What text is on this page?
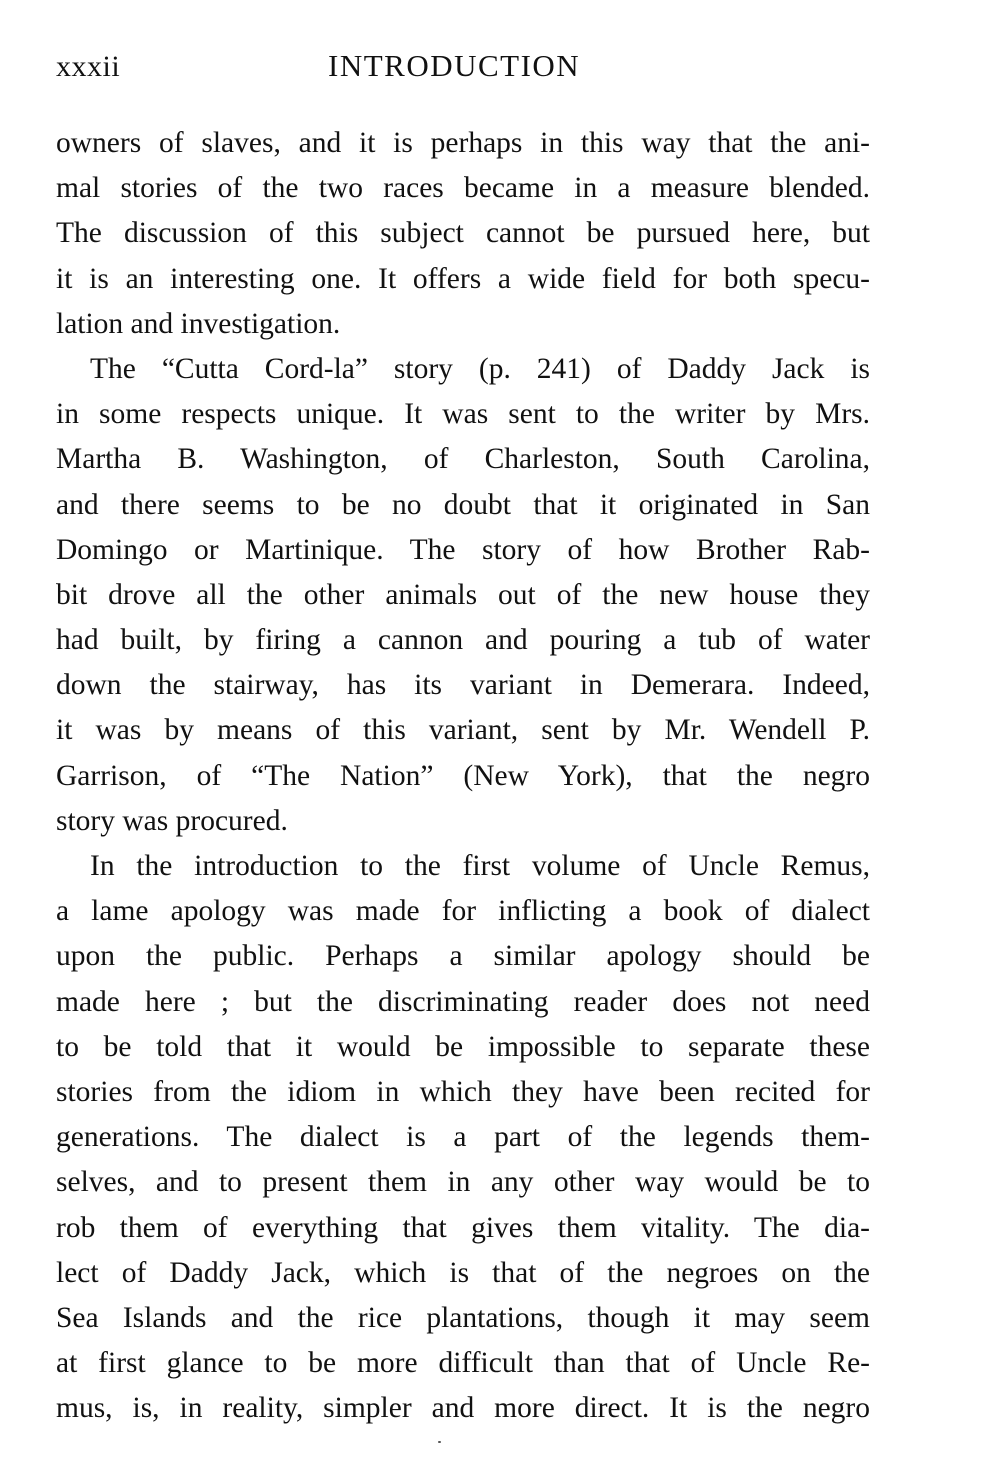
xxxii	INTRODUCTION
owners of slaves, and it is perhaps in this way that the ani-
mal stories of the two races became in a measure blended.
The discussion of this subject cannot be pursued here, but
it is an interesting one. It offers a wide field for both specu-
lation and investigation.
The “Cutta Cord-la” story (p. 241) of Daddy Jack is
in some respects unique. It was sent to the writer by Mrs.
Martha B. Washington, of Charleston, South Carolina,
and there seems to be no doubt that it originated in San
Domingo or Martinique. The story of how Brother Rab-
bit drove all the other animals out of the new house they
had built, by firing a cannon and pouring a tub of water
down the stairway, has its variant in Demerara. Indeed,
it was by means of this variant, sent by Mr. Wendell P.
Garrison, of “The Nation” (New York), that the negro
story was procured.
In the introduction to the first volume of Uncle Remus,
a lame apology was made for inflicting a book of dialect
upon the public. Perhaps a similar apology should be
made here ; but the discriminating reader does not need
to be told that it would be impossible to separate these
stories from the idiom in which they have been recited for
generations. The dialect is a part of the legends them-
selves, and to present them in any other way would be to
rob them of everything that gives them vitality. The dia-
lect of Daddy Jack, which is that of the negroes on the
Sea Islands and the rice plantations, though it may seem
at first glance to be more difficult than that of Uncle Re-
mus, is, in reality, simpler and more direct. It is the negro
